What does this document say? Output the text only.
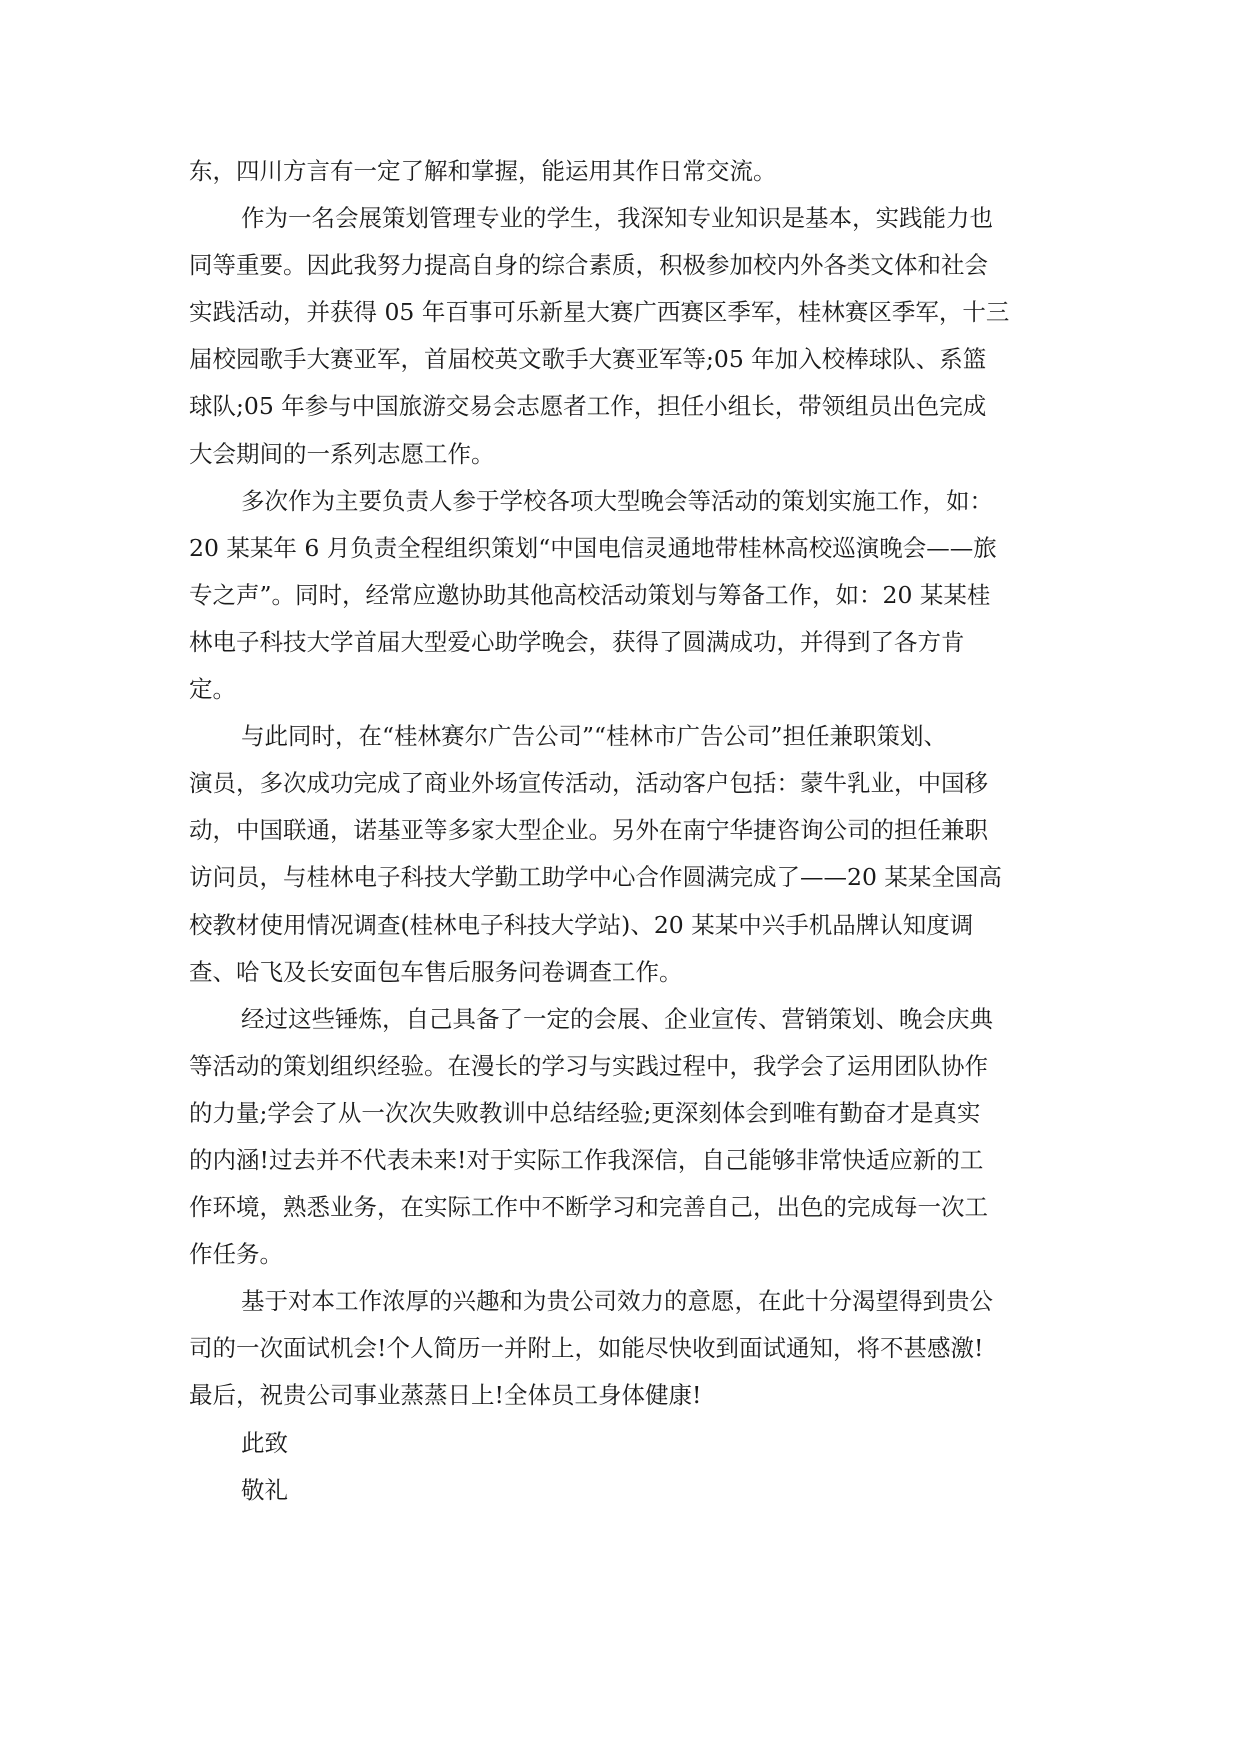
东，四川方言有一定了解和掌握，能运用其作日常交流。
作为一名会展策划管理专业的学生，我深知专业知识是基本，实践能力也
同等重要。因此我努力提高自身的综合素质，积极参加校内外各类文体和社会
实践活动，并获得 05 年百事可乐新星大赛广西赛区季军，桂林赛区季军，十三
届校园歌手大赛亚军，首届校英文歌手大赛亚军等;05 年加入校棒球队、系篮
球队;05 年参与中国旅游交易会志愿者工作，担任小组长，带领组员出色完成
大会期间的一系列志愿工作。
多次作为主要负责人参于学校各项大型晚会等活动的策划实施工作，如：
20 某某年 6 月负责全程组织策划“中国电信灵通地带桂林高校巡演晚会——旅
专之声”。同时，经常应邀协助其他高校活动策划与筹备工作，如：20 某某桂
林电子科技大学首届大型爱心助学晚会，获得了圆满成功，并得到了各方肯
定。
与此同时，在“桂林赛尔广告公司”“桂林市广告公司”担任兼职策划、
演员，多次成功完成了商业外场宣传活动，活动客户包括：蒙牛乳业，中国移
动，中国联通，诺基亚等多家大型企业。另外在南宁华捷咨询公司的担任兼职
访问员，与桂林电子科技大学勤工助学中心合作圆满完成了——20 某某全国高
校教材使用情况调查(桂林电子科技大学站)、20 某某中兴手机品牌认知度调
查、哈飞及长安面包车售后服务问卷调查工作。
经过这些锤炼，自己具备了一定的会展、企业宣传、营销策划、晚会庆典
等活动的策划组织经验。在漫长的学习与实践过程中，我学会了运用团队协作
的力量;学会了从一次次失败教训中总结经验;更深刻体会到唯有勤奋才是真实
的内涵!过去并不代表未来!对于实际工作我深信，自己能够非常快适应新的工
作环境，熟悉业务，在实际工作中不断学习和完善自己，出色的完成每一次工
作任务。
基于对本工作浓厚的兴趣和为贵公司效力的意愿，在此十分渴望得到贵公
司的一次面试机会!个人简历一并附上，如能尽快收到面试通知，将不甚感激!
最后，祝贵公司事业蒸蒸日上!全体员工身体健康!
此致
敬礼
